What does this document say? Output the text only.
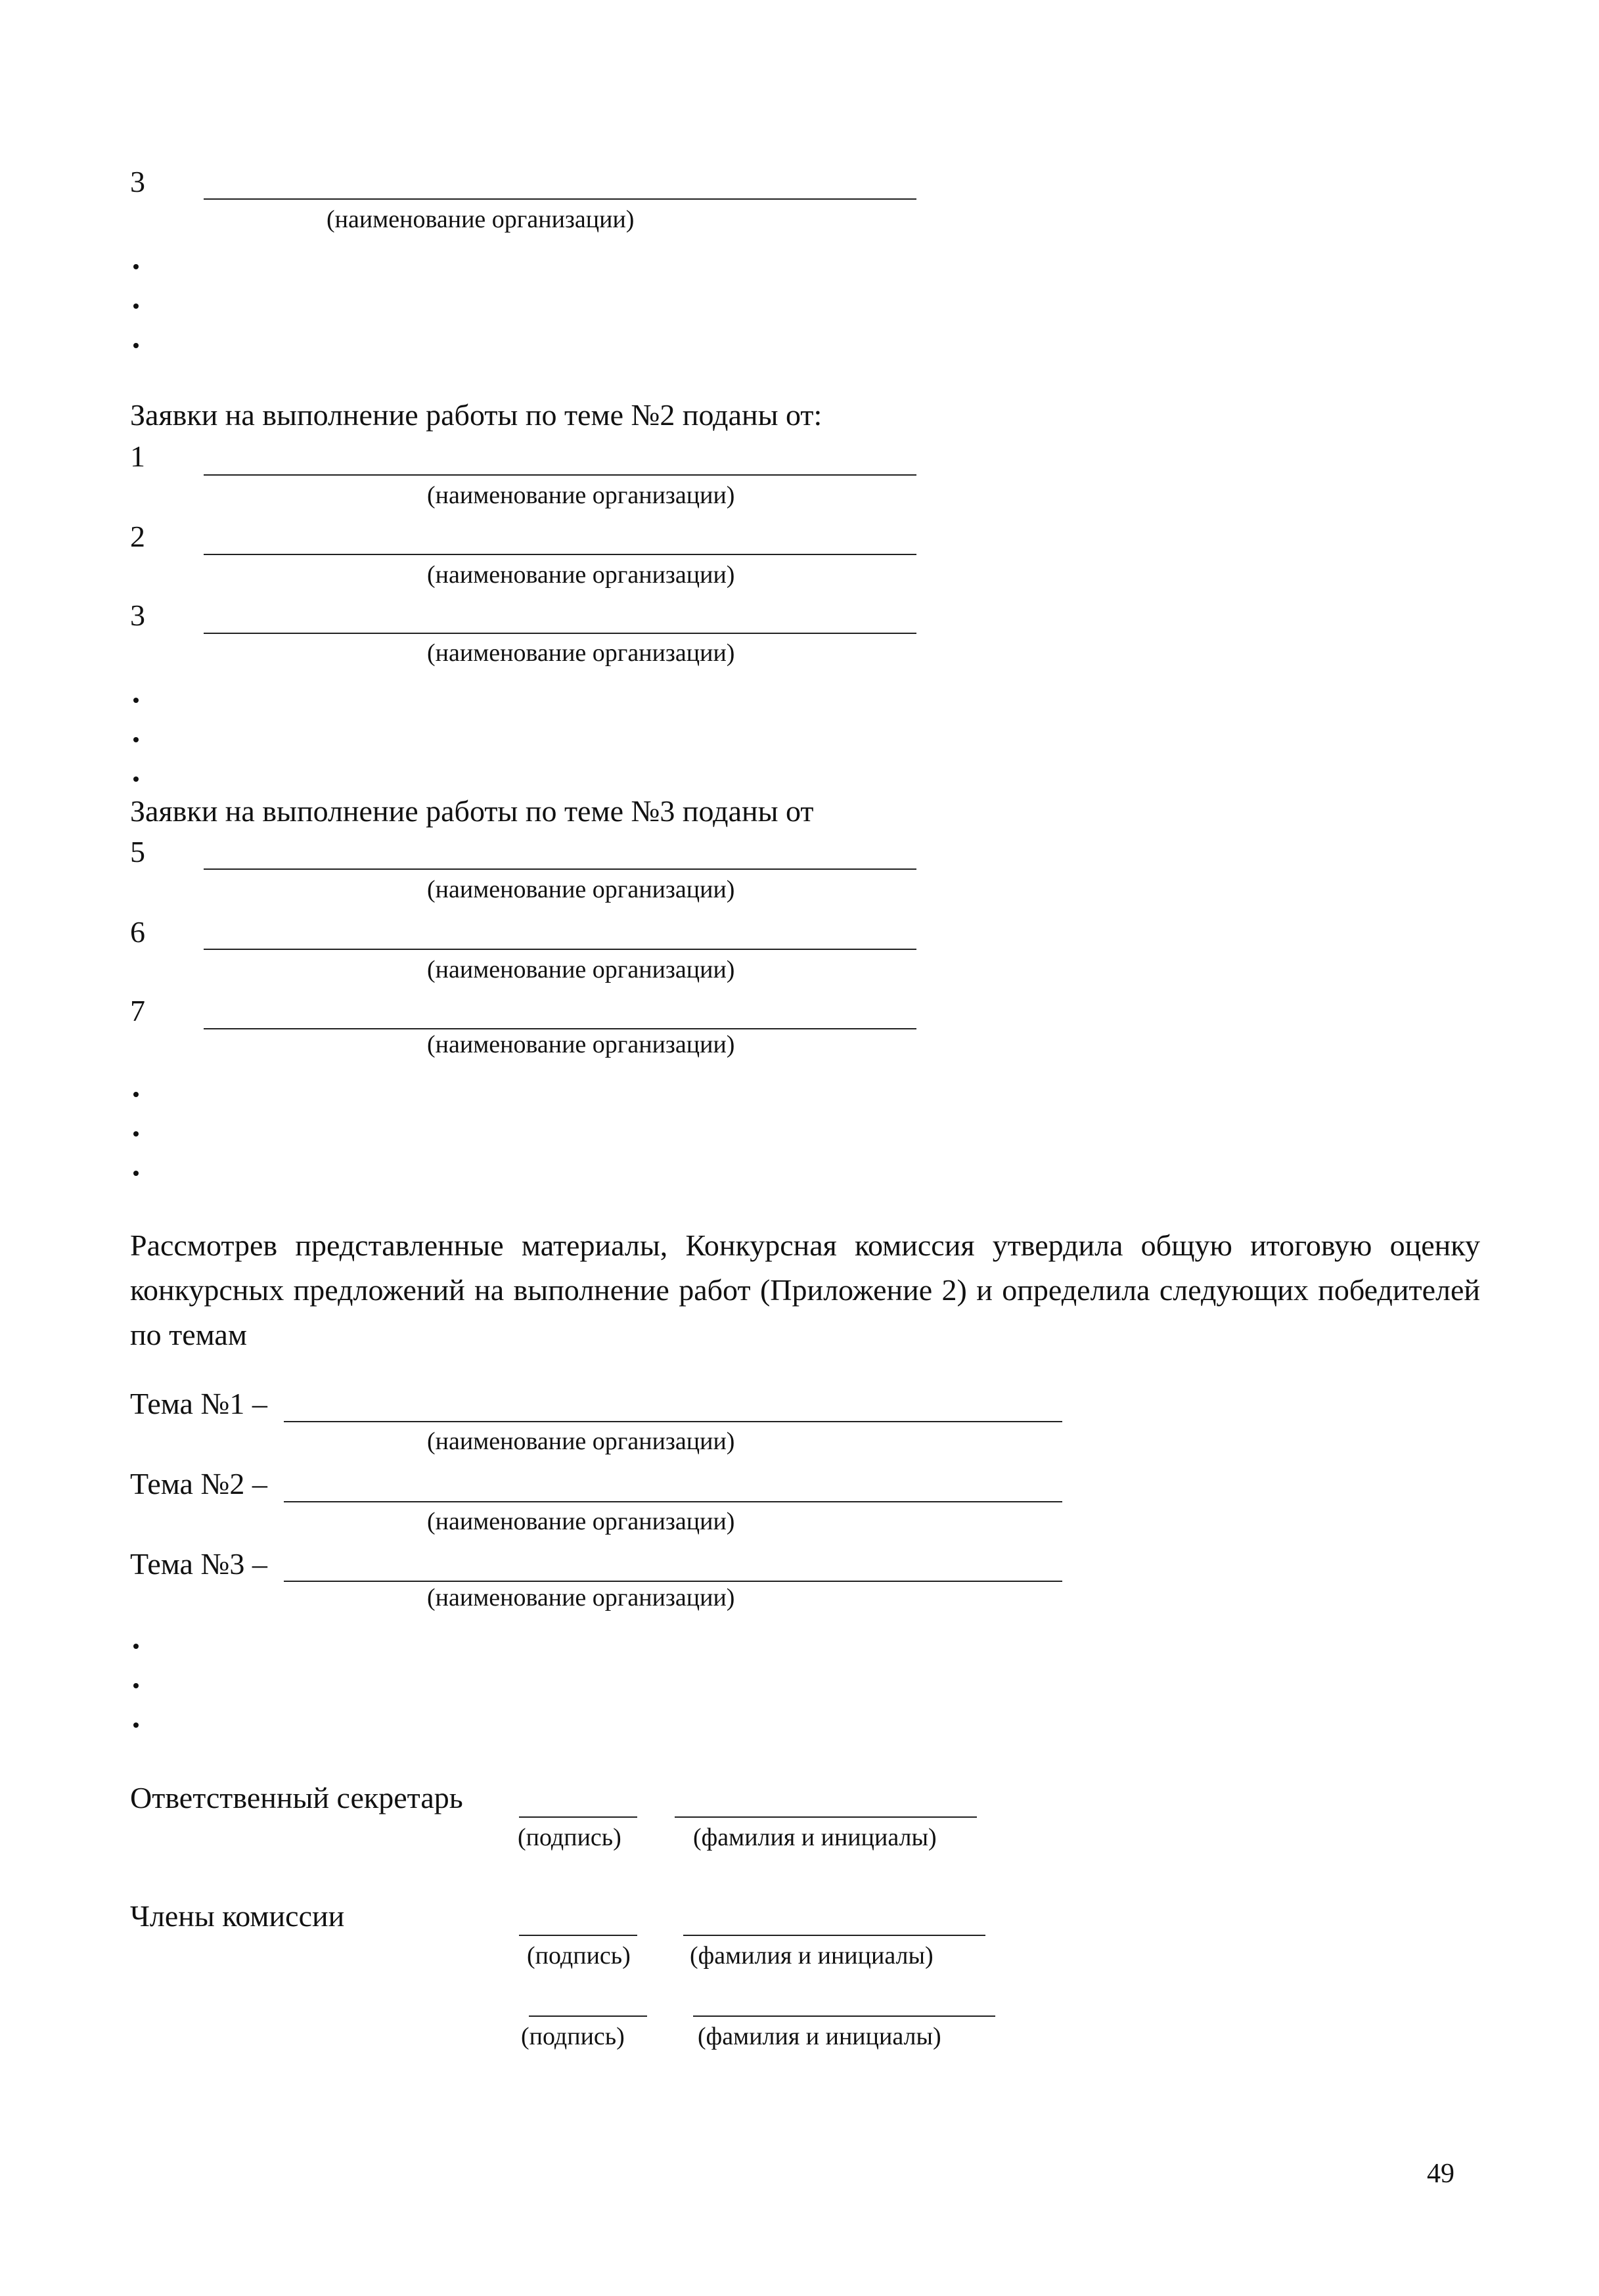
3
(наименование организации)
Заявки на выполнение работы по теме №2 поданы от:
1
(наименование организации)
2
(наименование организации)
3
(наименование организации)
Заявки на выполнение работы по теме №3 поданы от
5
(наименование организации)
6
(наименование организации)
7
(наименование организации)
Рассмотрев представленные материалы, Конкурсная комиссия утвердила общую итоговую оценку конкурсных предложений на выполнение работ (Приложение 2) и определила следующих победителей по темам
Тема №1 –
(наименование организации)
Тема №2 –
(наименование организации)
Тема №3 –
(наименование организации)
Ответственный секретарь
(подпись)	(фамилия и инициалы)
Члены комиссии
(подпись) (фамилия и инициалы)
(подпись)	(фамилия и инициалы)
49
